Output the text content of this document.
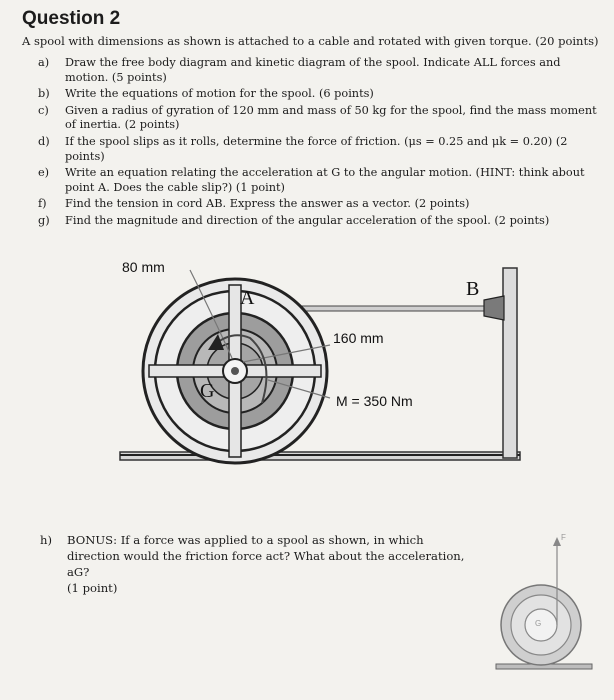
Question 2
A spool with dimensions as shown is attached to a cable and rotated with given torque. (20 points)
a)	Draw the free body diagram and kinetic diagram of the spool. Indicate ALL forces and motion. (5 points)
b)	Write the equations of motion for the spool. (6 points)
c)	Given a radius of gyration of 120 mm and mass of 50 kg for the spool, find the mass moment of inertia. (2 points)
d)	If the spool slips as it rolls, determine the force of friction. (μs = 0.25 and μk = 0.20) (2 points)
e)	Write an equation relating the acceleration at G to the angular motion. (HINT: think about point A. Does the cable slip?) (1 point)
f)	Find the tension in cord AB. Express the answer as a vector. (2 points)
g)	Find the magnitude and direction of the angular acceleration of the spool. (2 points)
80 mm
160 mm
M = 350 Nm
A	B
G
h)	BONUS: If a force was applied to a spool as shown, in which direction would the friction force act? What about the acceleration, aG?
(1 point)
F
G
